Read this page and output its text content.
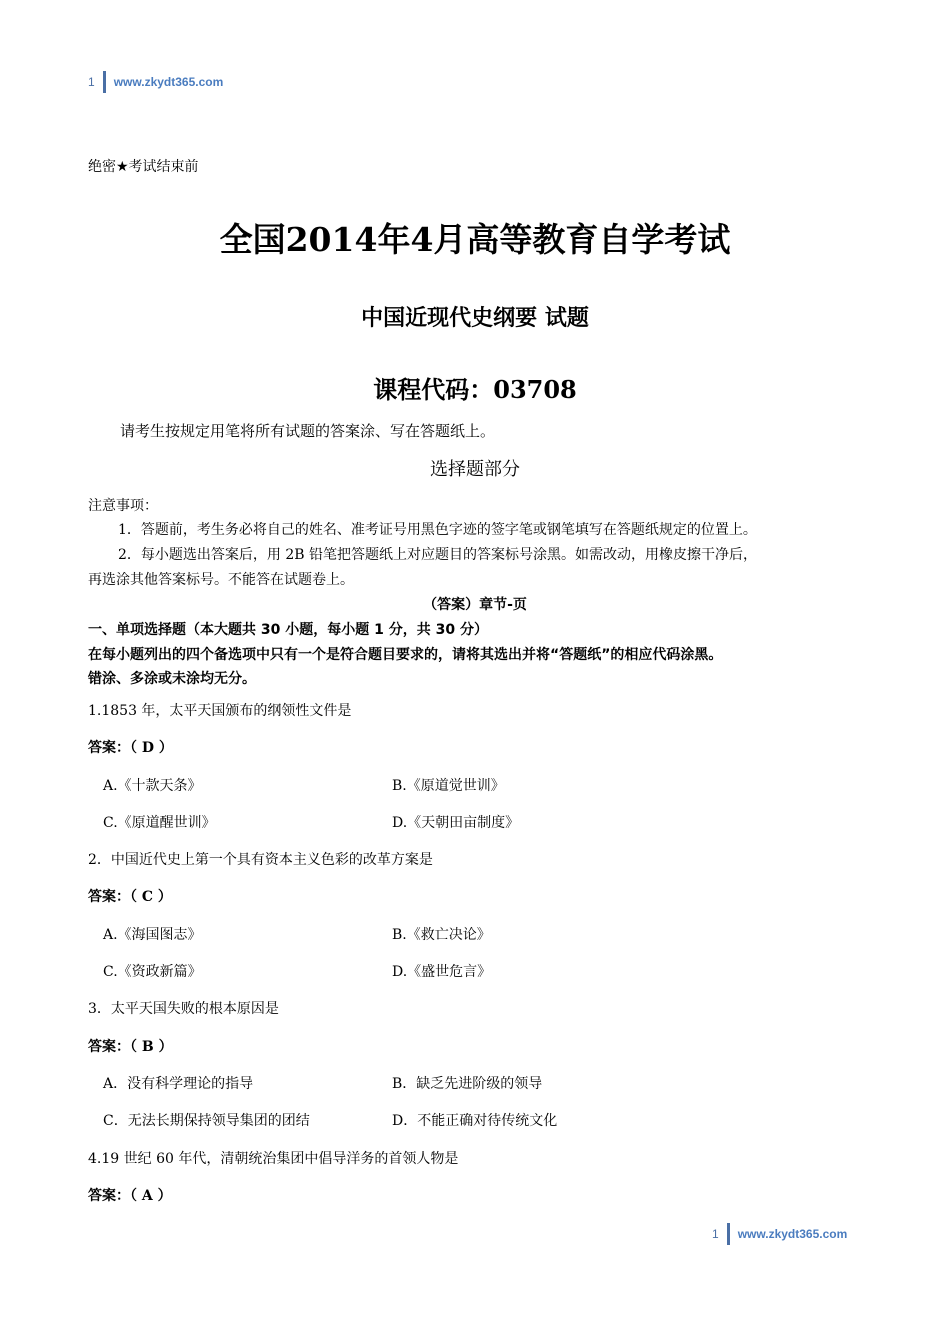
1 www.zkydt365.com
绝密★考试结束前
全国2014年4月高等教育自学考试
中国近现代史纲要 试题
课程代码：03708
请考生按规定用笔将所有试题的答案涂、写在答题纸上。
选择题部分
注意事项：
1．答题前，考生务必将自己的姓名、准考证号用黑色字迹的签字笔或钢笔填写在答题纸规定的位置上。
2．每小题选出答案后，用 2B 铅笔把答题纸上对应题目的答案标号涂黑。如需改动，用橡皮擦干净后，
再选涂其他答案标号。不能答在试题卷上。
（答案）章节-页
一、单项选择题（本大题共 30 小题，每小题 1 分，共 30 分）
在每小题列出的四个备选项中只有一个是符合题目要求的，请将其选出并将“答题纸”的相应代码涂黑。
错涂、多涂或未涂均无分。
1.1853 年，太平天国颁布的纲领性文件是
答案：（ D ）
A.《十款天条》	B.《原道觉世训》
C.《原道醒世训》	D.《天朝田亩制度》
2．中国近代史上第一个具有资本主义色彩的改革方案是
答案：（ C ）
A.《海国图志》	B.《救亡决论》
C.《资政新篇》	D.《盛世危言》
3．太平天国失败的根本原因是
答案：（ B ）
A．没有科学理论的指导	B．缺乏先进阶级的领导
C．无法长期保持领导集团的团结	D．不能正确对待传统文化
4.19 世纪 60 年代，清朝统治集团中倡导洋务的首领人物是
答案：（ A ）
1 www.zkydt365.com
